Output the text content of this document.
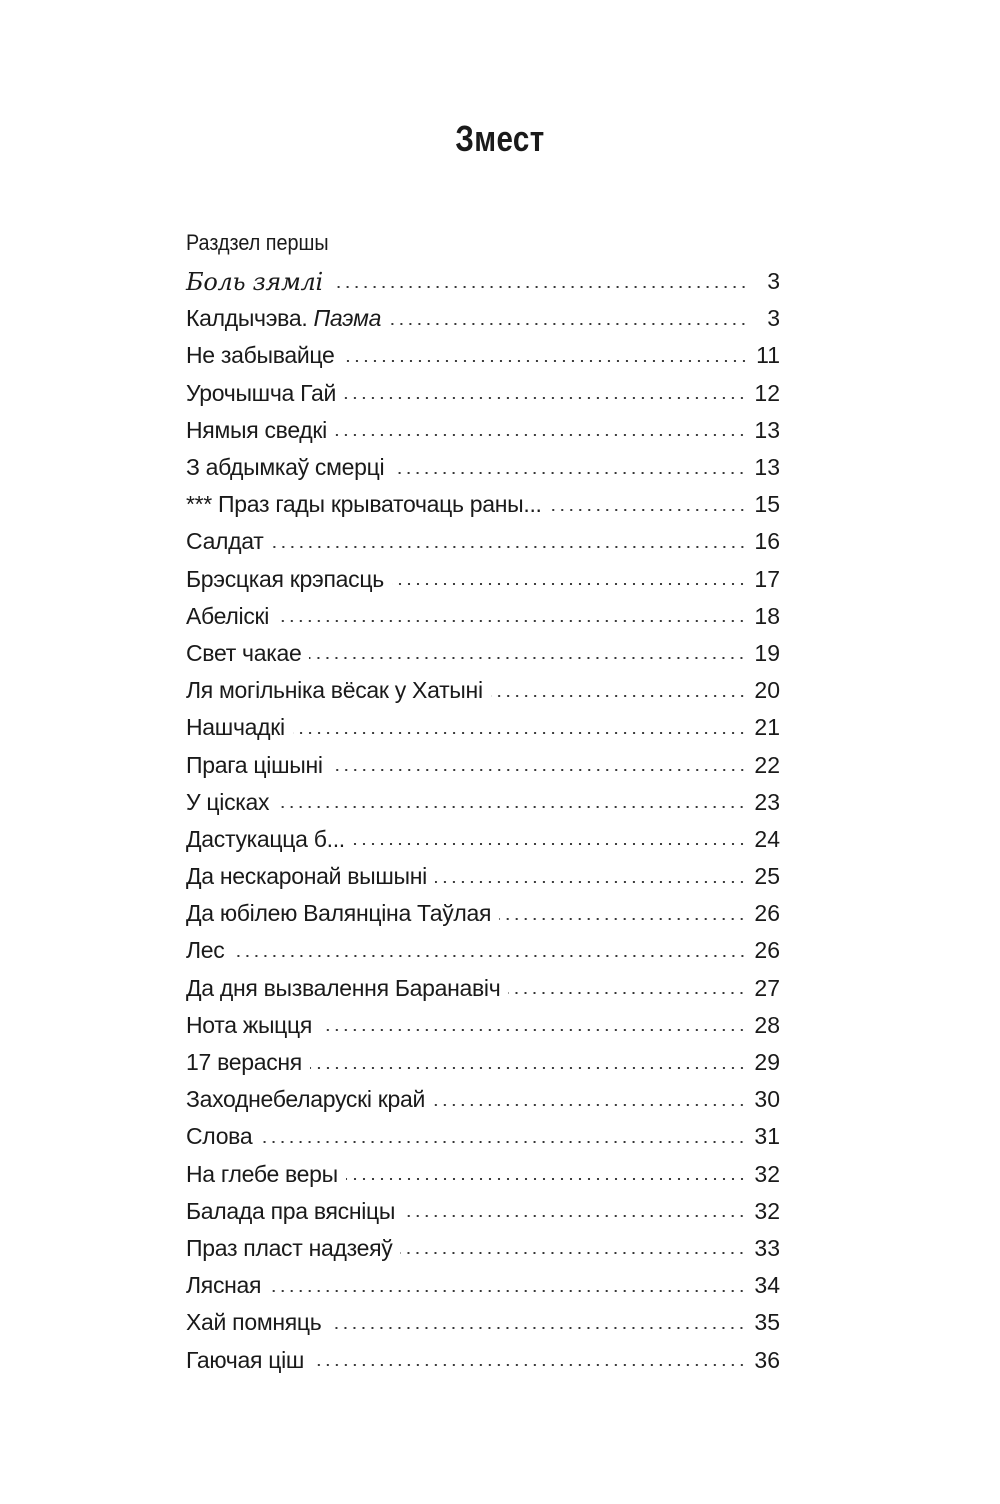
Змест
Раздзел першы
Боль зямлі	3
Калдычэва. Паэма	3
Не забывайце	11
Урочышча Гай	12
Нямыя сведкі	13
З абдымкаў смерці	13
*** Праз гады крываточаць раны...	15
Салдат	16
Брэсцкая крэпасць	17
Абеліскі	18
Свет чакае	19
Ля могільніка вёсак у Хатыні	20
Нашчадкі	21
Прага цішыні	22
У цісках	23
Дастукацца б...	24
Да нескаронай вышыні	25
Да юбілею Валянціна Таўлая	26
Лес	26
Да дня вызвалення Баранавіч	27
Нота жыцця	28
17 верасня	29
Заходнебеларускі край	30
Слова	31
На глебе веры	32
Балада пра вясніцы	32
Праз пласт надзеяў	33
Лясная	34
Хай помняць	35
Гаючая ціш	36
